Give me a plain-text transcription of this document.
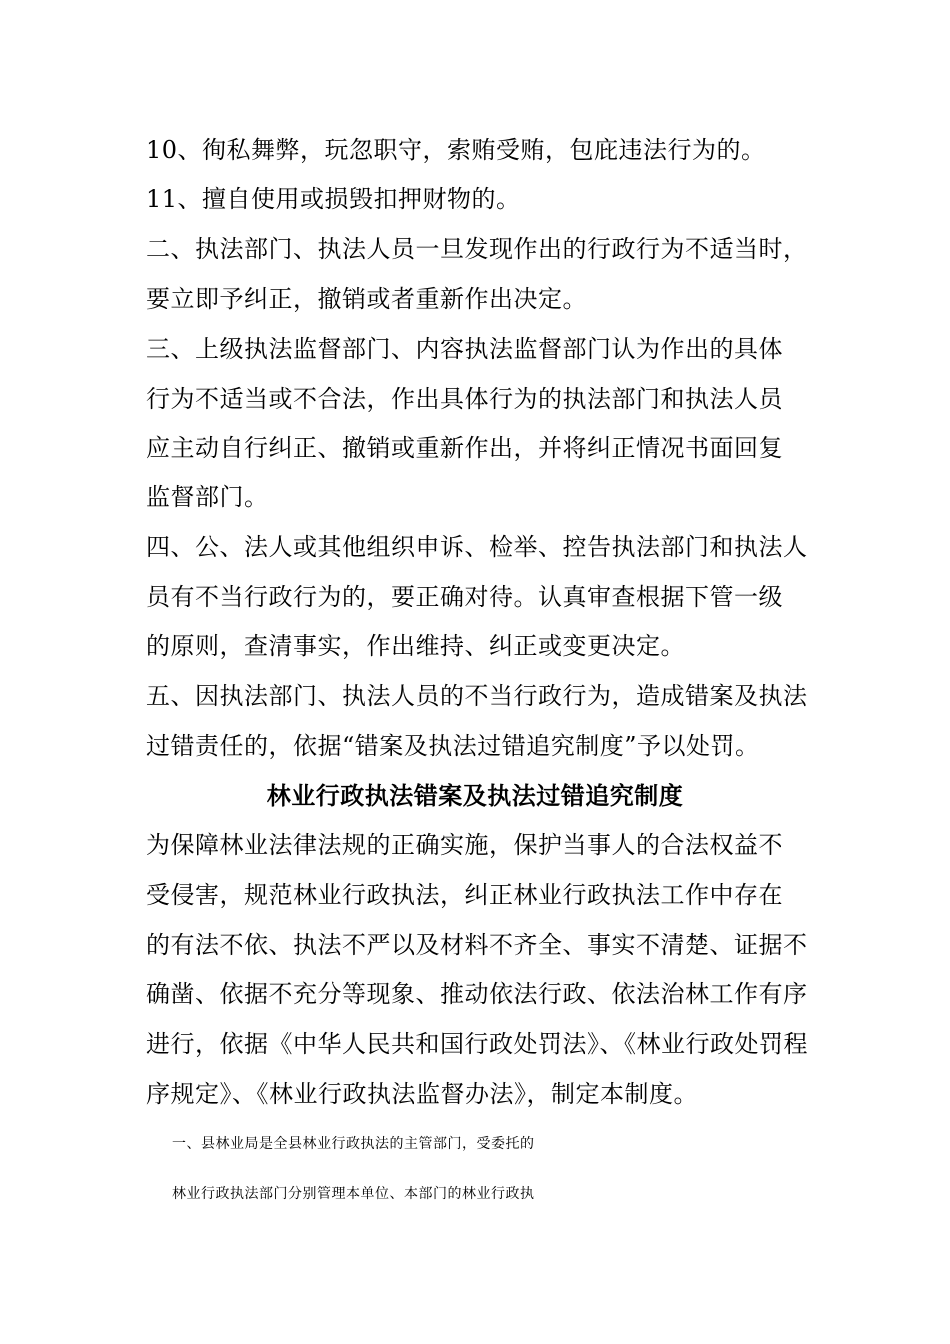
10、徇私舞弊，玩忽职守，索贿受贿，包庇违法行为的。
11、擅自使用或损毁扣押财物的。
二、执法部门、执法人员一旦发现作出的行政行为不适当时，
要立即予纠正，撤销或者重新作出决定。
三、上级执法监督部门、内容执法监督部门认为作出的具体
行为不适当或不合法，作出具体行为的执法部门和执法人员
应主动自行纠正、撤销或重新作出，并将纠正情况书面回复
监督部门。
四、公、法人或其他组织申诉、检举、控告执法部门和执法人
员有不当行政行为的，要正确对待。认真审查根据下管一级
的原则，查清事实，作出维持、纠正或变更决定。
五、因执法部门、执法人员的不当行政行为，造成错案及执法
过错责任的，依据“错案及执法过错追究制度”予以处罚。
林业行政执法错案及执法过错追究制度
为保障林业法律法规的正确实施，保护当事人的合法权益不
受侵害，规范林业行政执法，纠正林业行政执法工作中存在
的有法不依、执法不严以及材料不齐全、事实不清楚、证据不
确凿、依据不充分等现象、推动依法行政、依法治林工作有序
进行，依据《中华人民共和国行政处罚法》、《林业行政处罚程
序规定》、《林业行政执法监督办法》，制定本制度。
一、县林业局是全县林业行政执法的主管部门，受委托的
林业行政执法部门分别管理本单位、本部门的林业行政执
